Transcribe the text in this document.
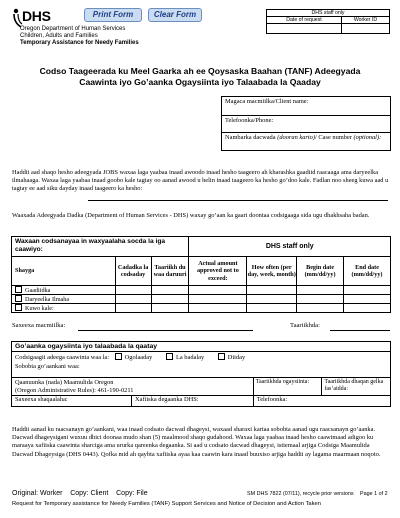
DHS
Oregon Department of Human Services
Children, Adults and Families
Temporary Assistance for Needy Families
Print Form	Clear Form	DHS staff only	
Date of request	Worker ID

Codso Taageerada ku Meel Gaarka ah ee Qoysaska Baahan (TANF) Adeegyada
Caawinta iyo Go’aanka Ogaysiinta iyo Talaabada la Qaaday
Magaca macmiilka/Client name:
Telefoonka/Phone:
Nambarka dacwada (dooran karto)/ Case number (optional):
Haddii aad shaqo hesho adeegyada JOBS waxaa laga yaabaa inaad awoodo inaad hesho taageero ah kharashka gaadiid raacaaga ama daryeelka ilmahaaga. Waxaa laga yaabaa inaad goobo kale tagtay oo aanad awood u helin inaad taageero ka hesho go’doo kale. Fadlan noo sheeg kuwa aad u tagtay ee aad siku dayday inaad taageero ka hesho:
Waaxada Adeegyada Dadka (Department of Human Services - DHS) waxay go’aan ka gaari doontaa codsigaaga sida ugu dhakhsaha badan.
Waxaan codsanayaa in waxyaalaha soc​da la iga caawiyo:			DHS staff only			
Shayga	Cadadka la codsaday	Taariikh du waa daruuri	Actual amount approved not to exceed:	How often (per day, week, month)	Begin date (mm/dd/yy)	End date (mm/dd/yy)
Gaadiidka						
Daryeelka Ilmaha						
Kuwo kale:						
Saxeexa macmiilka:	Taariikhda:
Go’aanka ogaysiinta iyo talaabada la qaatay

Codsigaagii adeega caawinta waa la: Ogolaaday	La badalay	Diiday
Sobobta go’aankani waa:

Qaanuunka (nada) Maamulida Oregon
(Oregon Administrative Rules): 461-190-0211

Taariikhda ogaysiinta:	Taariikhda dhaqan gelka fas’aidda:

Saxeexa shaqaalaha:	Xafiiska degaanka DHS:	Telefoonka:
Haddii aanad ku raacsanayn go’aankani, waa inaad codsato dacwad dhageysi, waxaad sharaxi kartaa sobobta aanad ugu raacsanayn go’aanka. Dacwad dhageysigani wuxuu dhici doonaa mudo shan (5) maalmood shaqo gudahood. Waxaa laga yaabaa inaad hesho caawimaad adigoo ku maraaya xafiiska caawinta sharciga ama ururka qareenka degaanka. Si aad u codsato dacwad dhageysi, istiemaal arjiga Codsiga Maamulida Dacwad Dhageysiga (DHS 0443). Qofka mid ah qaybta xafiiska ayaa kaa caawin kara inaad buuxiso arjiga haddii ay lagama maarmaan noqoto.
Original: Worker    Copy: Client    Copy: File	SM DHS 7822 (07/11), recycle prior versions Page 1 of 2
Request for Temporary assistance for Needy Families (TANF) Support Services and Notice of Decision and Action Taken
